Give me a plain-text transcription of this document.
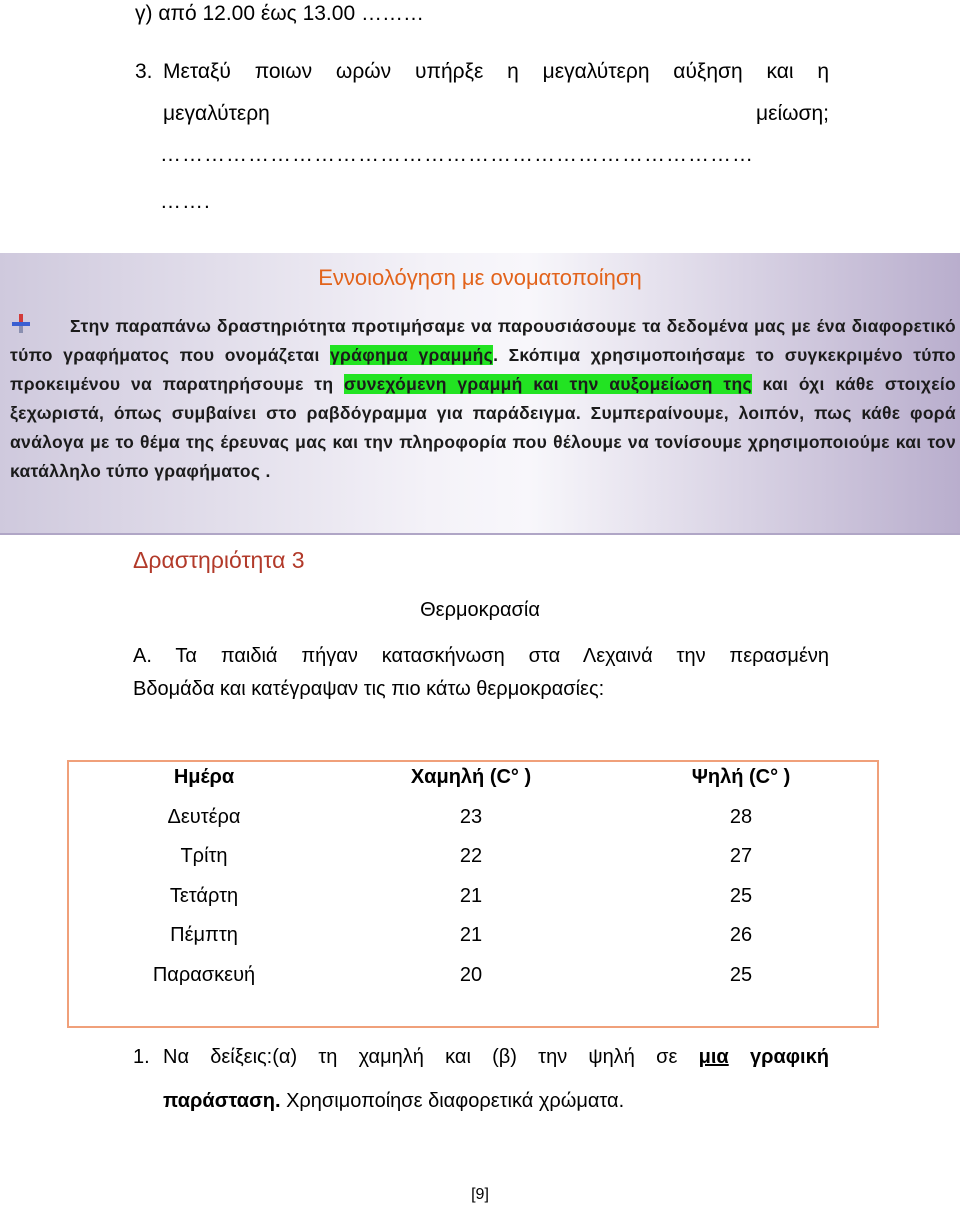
γ) από 12.00 έως 13.00 ………
3. Μεταξύ ποιων ωρών υπήρξε η μεγαλύτερη αύξηση και η
μεγαλύτερη μείωση;
………………………………………………………………………
…….
Εννοιολόγηση με ονοματοποίηση
Στην παραπάνω δραστηριότητα προτιμήσαμε να παρουσιάσουμε τα δεδομένα μας με ένα διαφορετικό τύπο γραφήματος που ονομάζεται γράφημα γραμμής. Σκόπιμα χρησιμοποιήσαμε το συγκεκριμένο τύπο προκειμένου να παρατηρήσουμε τη συνεχόμενη γραμμή και την αυξομείωση της και όχι κάθε στοιχείο ξεχωριστά, όπως συμβαίνει στο ραβδόγραμμα για παράδειγμα. Συμπεραίνουμε, λοιπόν, πως κάθε φορά ανάλογα με το θέμα της έρευνας μας και την πληροφορία που θέλουμε να τονίσουμε χρησιμοποιούμε και τον κατάλληλο τύπο γραφήματος .
Δραστηριότητα 3
Θερμοκρασία
Α. Τα παιδιά πήγαν κατασκήνωση στα Λεχαινά την περασμένη
Βδομάδα και κατέγραψαν τις πιο κάτω θερμοκρασίες:
Ημέρα	Χαμηλή (C° )	Ψηλή (C° )
Δευτέρα	23	28
Τρίτη	22	27
Τετάρτη	21	25
Πέμπτη	21	26
Παρασκευή	20	25
1. Να δείξεις:(α) τη χαμηλή και (β) την ψηλή σε μια γραφική
παράσταση. Χρησιμοποίησε διαφορετικά χρώματα.
[9]
